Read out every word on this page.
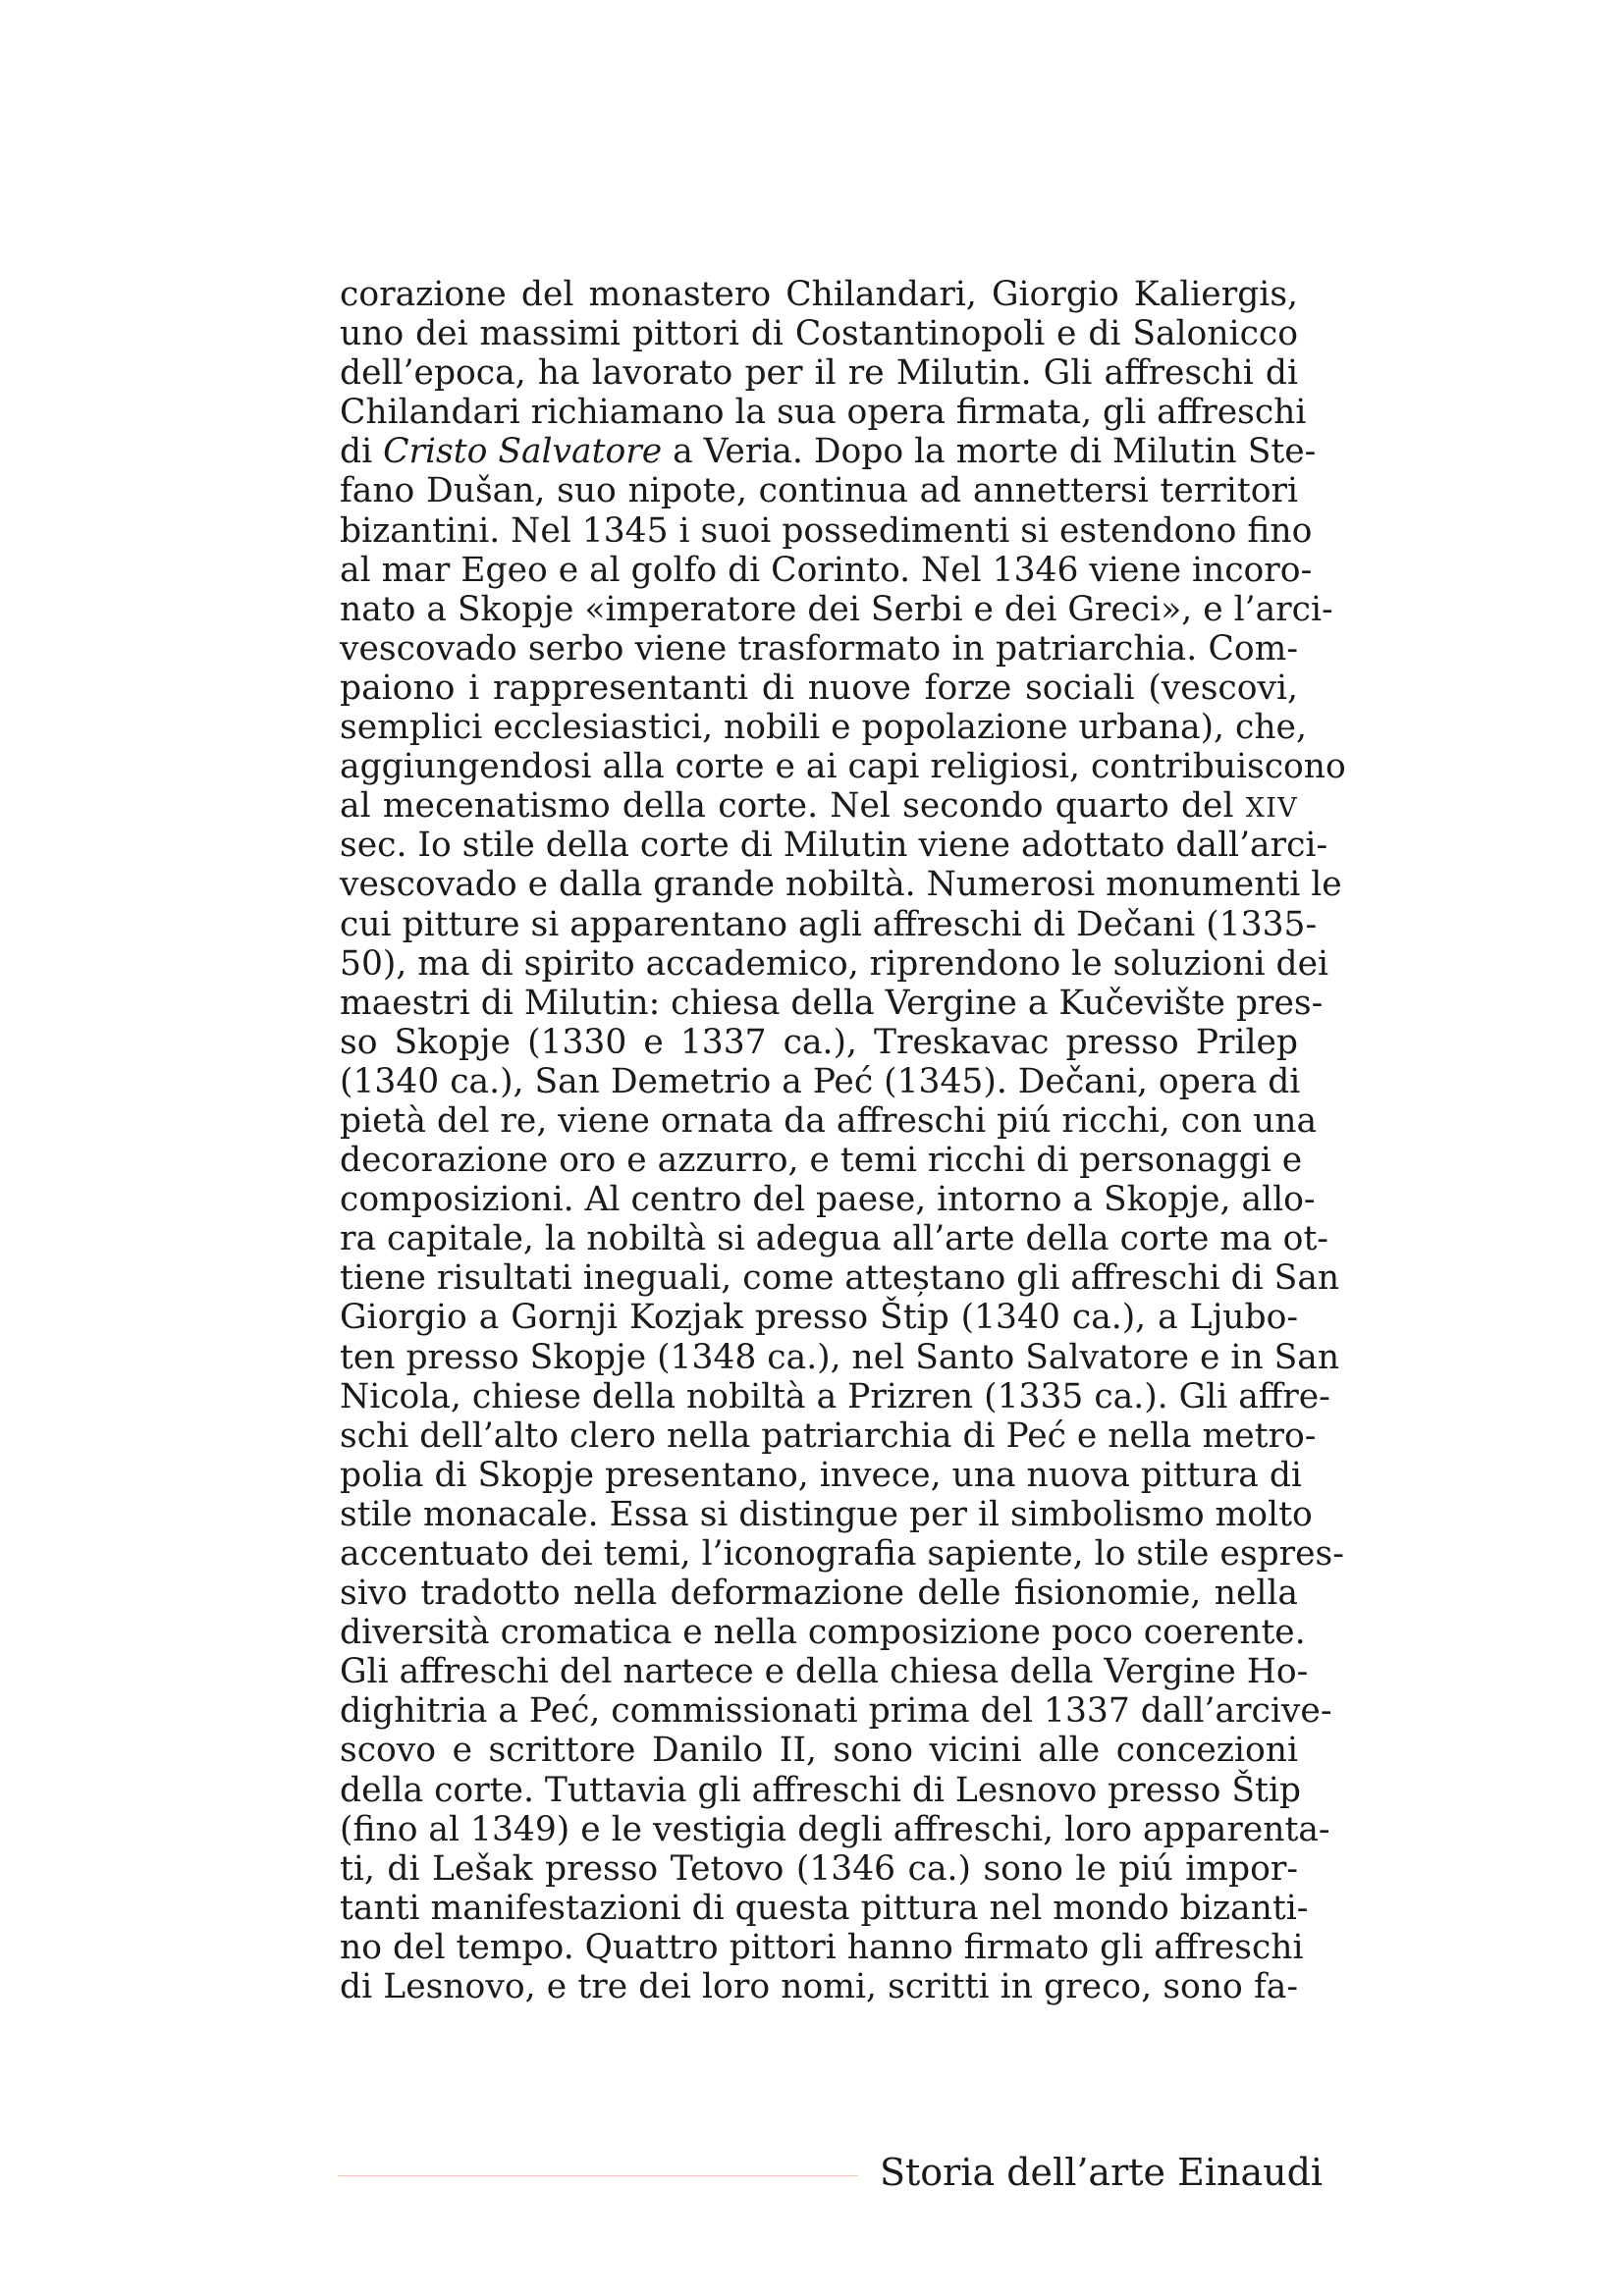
corazione del monastero Chilandari, Giorgio Kaliergis,
uno dei massimi pittori di Costantinopoli e di Salonicco
dell’epoca, ha lavorato per il re Milutin. Gli affreschi di
Chilandari richiamano la sua opera firmata, gli affreschi
di Cristo Salvatore a Veria. Dopo la morte di Milutin Ste-
fano Dušan, suo nipote, continua ad annettersi territori
bizantini. Nel 1345 i suoi possedimenti si estendono fino
al mar Egeo e al golfo di Corinto. Nel 1346 viene incoro-
nato a Skopje «imperatore dei Serbi e dei Greci», e l’arci-
vescovado serbo viene trasformato in patriarchia. Com-
paiono i rappresentanti di nuove forze sociali (vescovi,
semplici ecclesiastici, nobili e popolazione urbana), che,
aggiungendosi alla corte e ai capi religiosi, contribuiscono
al mecenatismo della corte. Nel secondo quarto del XIV
sec. Io stile della corte di Milutin viene adottato dall’arci-
vescovado e dalla grande nobiltà. Numerosi monumenti le
cui pitture si apparentano agli affreschi di Dečani (1335-
50), ma di spirito accademico, riprendono le soluzioni dei
maestri di Milutin: chiesa della Vergine a Kučevište pres-
so Skopje (1330 e 1337 ca.), Treskavac presso Prilep
(1340 ca.), San Demetrio a Peć (1345). Dečani, opera di
pietà del re, viene ornata da affreschi piú ricchi, con una
decorazione oro e azzurro, e temi ricchi di personaggi e
composizioni. Al centro del paese, intorno a Skopje, allo-
ra capitale, la nobiltà si adegua all’arte della corte ma ot-
tiene risultati ineguali, come atteștano gli affreschi di San
Giorgio a Gornji Kozjak presso Štip (1340 ca.), a Ljubo-
ten presso Skopje (1348 ca.), nel Santo Salvatore e in San
Nicola, chiese della nobiltà a Prizren (1335 ca.). Gli affre-
schi dell’alto clero nella patriarchia di Peć e nella metro-
polia di Skopje presentano, invece, una nuova pittura di
stile monacale. Essa si distingue per il simbolismo molto
accentuato dei temi, l’iconografia sapiente, lo stile espres-
sivo tradotto nella deformazione delle fisionomie, nella
diversità cromatica e nella composizione poco coerente.
Gli affreschi del nartece e della chiesa della Vergine Ho-
dighitria a Peć, commissionati prima del 1337 dall’arcive-
scovo e scrittore Danilo II, sono vicini alle concezioni
della corte. Tuttavia gli affreschi di Lesnovo presso Štip
(fino al 1349) e le vestigia degli affreschi, loro apparenta-
ti, di Lešak presso Tetovo (1346 ca.) sono le piú impor-
tanti manifestazioni di questa pittura nel mondo bizanti-
no del tempo. Quattro pittori hanno firmato gli affreschi
di Lesnovo, e tre dei loro nomi, scritti in greco, sono fa-
Storia dell’arte Einaudi
